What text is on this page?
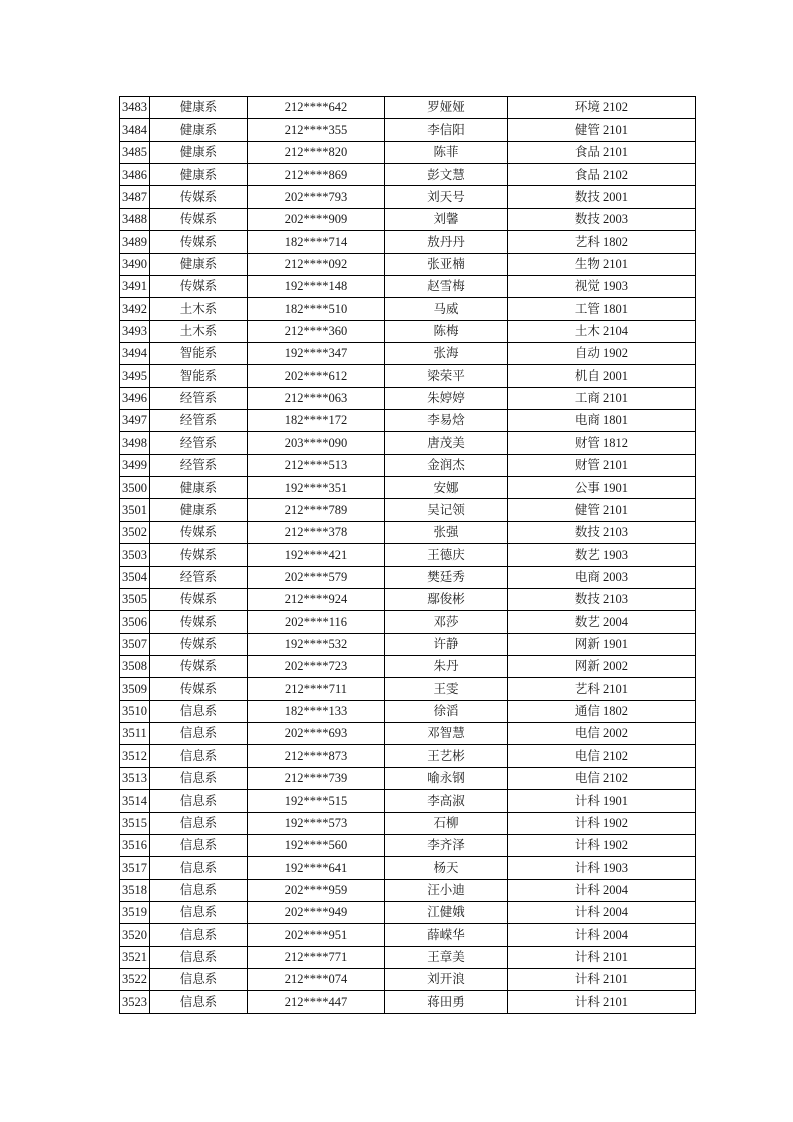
3483	健康系	212****642	罗娅娅	环境 2102
3484	健康系	212****355	李信阳	健管 2101
3485	健康系	212****820	陈菲	食品 2101
3486	健康系	212****869	彭文慧	食品 2102
3487	传媒系	202****793	刘天号	数技 2001
3488	传媒系	202****909	刘馨	数技 2003
3489	传媒系	182****714	敖丹丹	艺科 1802
3490	健康系	212****092	张亚楠	生物 2101
3491	传媒系	192****148	赵雪梅	视觉 1903
3492	土木系	182****510	马威	工管 1801
3493	土木系	212****360	陈梅	土木 2104
3494	智能系	192****347	张海	自动 1902
3495	智能系	202****612	梁荣平	机自 2001
3496	经管系	212****063	朱婷婷	工商 2101
3497	经管系	182****172	李易焓	电商 1801
3498	经管系	203****090	唐茂美	财管 1812
3499	经管系	212****513	金润杰	财管 2101
3500	健康系	192****351	安娜	公事 1901
3501	健康系	212****789	吴记领	健管 2101
3502	传媒系	212****378	张强	数技 2103
3503	传媒系	192****421	王德庆	数艺 1903
3504	经管系	202****579	樊廷秀	电商 2003
3505	传媒系	212****924	鄢俊彬	数技 2103
3506	传媒系	202****116	邓莎	数艺 2004
3507	传媒系	192****532	许静	网新 1901
3508	传媒系	202****723	朱丹	网新 2002
3509	传媒系	212****711	王雯	艺科 2101
3510	信息系	182****133	徐滔	通信 1802
3511	信息系	202****693	邓智慧	电信 2002
3512	信息系	212****873	王艺彬	电信 2102
3513	信息系	212****739	喻永钢	电信 2102
3514	信息系	192****515	李高淑	计科 1901
3515	信息系	192****573	石柳	计科 1902
3516	信息系	192****560	李齐泽	计科 1902
3517	信息系	192****641	杨天	计科 1903
3518	信息系	202****959	汪小迪	计科 2004
3519	信息系	202****949	江健娥	计科 2004
3520	信息系	202****951	薛嵘华	计科 2004
3521	信息系	212****771	王章美	计科 2101
3522	信息系	212****074	刘开浪	计科 2101
3523	信息系	212****447	蒋田勇	计科 2101
